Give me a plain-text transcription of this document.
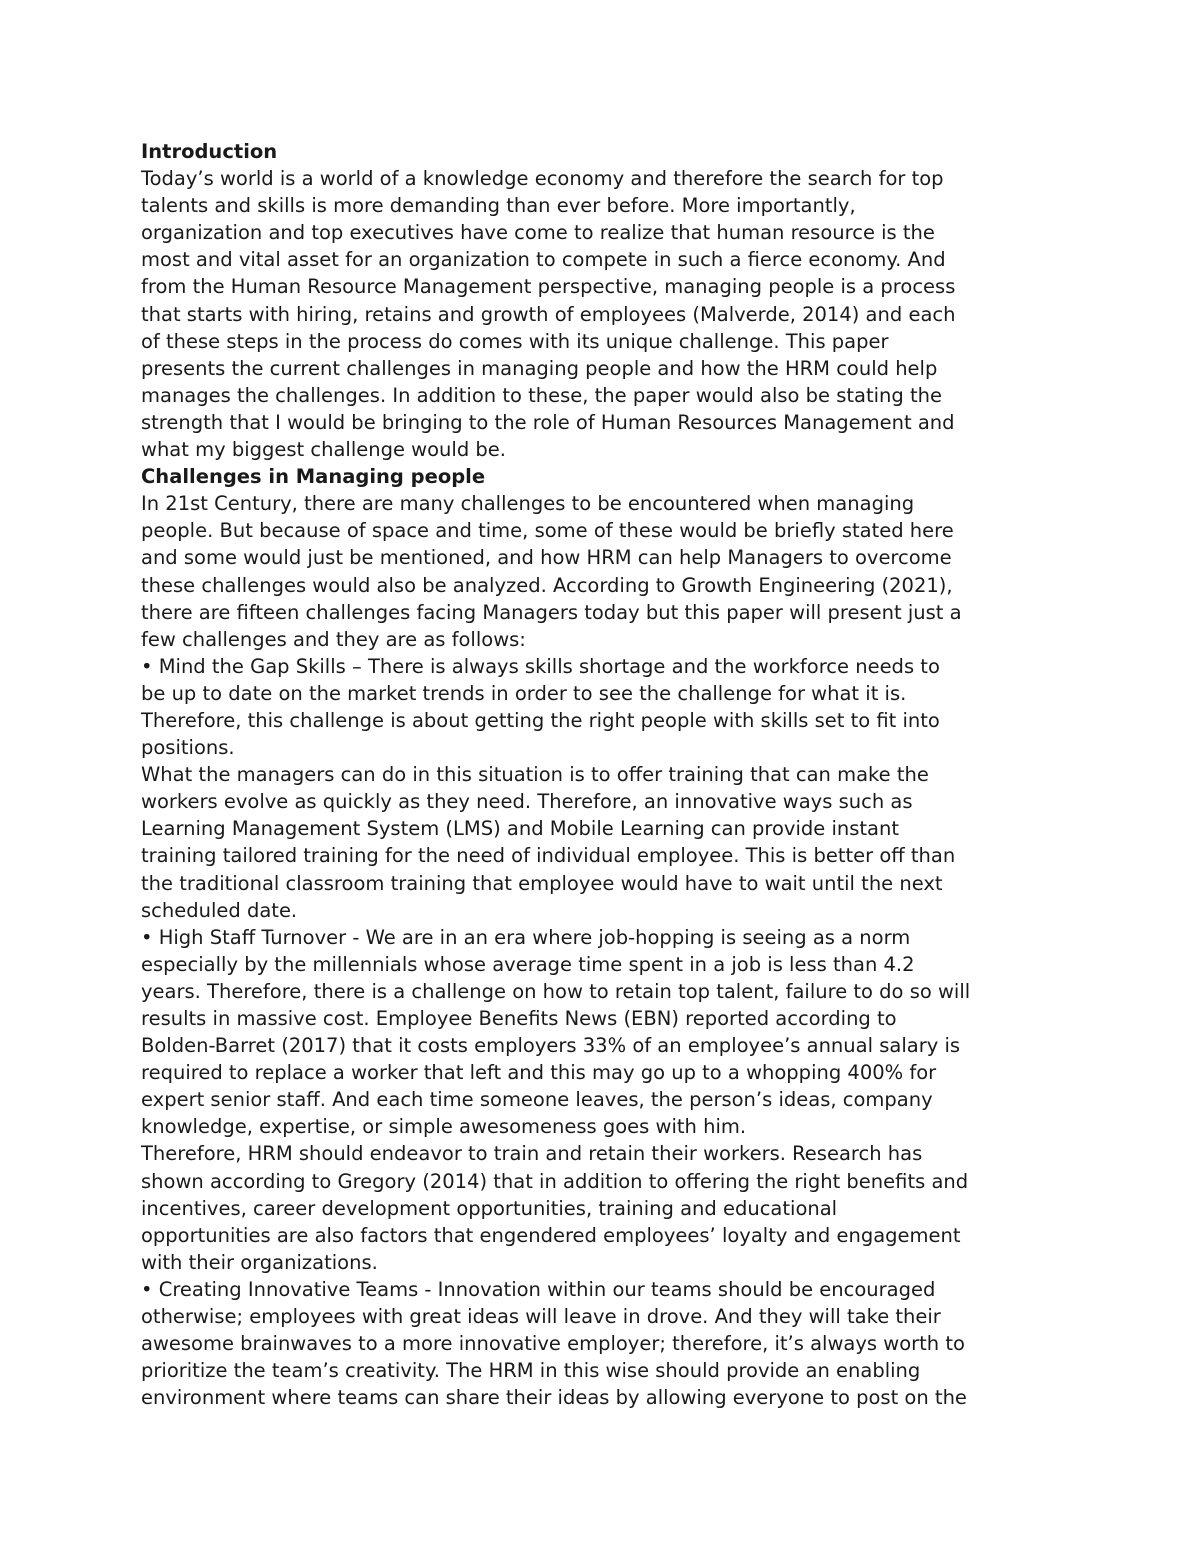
Introduction
Today’s world is a world of a knowledge economy and therefore the search for top
talents and skills is more demanding than ever before. More importantly,
organization and top executives have come to realize that human resource is the
most and vital asset for an organization to compete in such a fierce economy. And
from the Human Resource Management perspective, managing people is a process
that starts with hiring, retains and growth of employees (Malverde, 2014) and each
of these steps in the process do comes with its unique challenge. This paper
presents the current challenges in managing people and how the HRM could help
manages the challenges. In addition to these, the paper would also be stating the
strength that I would be bringing to the role of Human Resources Management and
what my biggest challenge would be.
Challenges in Managing people
In 21st Century, there are many challenges to be encountered when managing
people. But because of space and time, some of these would be briefly stated here
and some would just be mentioned, and how HRM can help Managers to overcome
these challenges would also be analyzed. According to Growth Engineering (2021),
there are fifteen challenges facing Managers today but this paper will present just a
few challenges and they are as follows:
• Mind the Gap Skills – There is always skills shortage and the workforce needs to
be up to date on the market trends in order to see the challenge for what it is.
Therefore, this challenge is about getting the right people with skills set to fit into
positions.
What the managers can do in this situation is to offer training that can make the
workers evolve as quickly as they need. Therefore, an innovative ways such as
Learning Management System (LMS) and Mobile Learning can provide instant
training tailored training for the need of individual employee. This is better off than
the traditional classroom training that employee would have to wait until the next
scheduled date.
• High Staff Turnover - We are in an era where job-hopping is seeing as a norm
especially by the millennials whose average time spent in a job is less than 4.2
years. Therefore, there is a challenge on how to retain top talent, failure to do so will
results in massive cost. Employee Benefits News (EBN) reported according to
Bolden-Barret (2017) that it costs employers 33% of an employee’s annual salary is
required to replace a worker that left and this may go up to a whopping 400% for
expert senior staff. And each time someone leaves, the person’s ideas, company
knowledge, expertise, or simple awesomeness goes with him.
Therefore, HRM should endeavor to train and retain their workers. Research has
shown according to Gregory (2014) that in addition to offering the right benefits and
incentives, career development opportunities, training and educational
opportunities are also factors that engendered employees’ loyalty and engagement
with their organizations.
• Creating Innovative Teams - Innovation within our teams should be encouraged
otherwise; employees with great ideas will leave in drove. And they will take their
awesome brainwaves to a more innovative employer; therefore, it’s always worth to
prioritize the team’s creativity. The HRM in this wise should provide an enabling
environment where teams can share their ideas by allowing everyone to post on the
